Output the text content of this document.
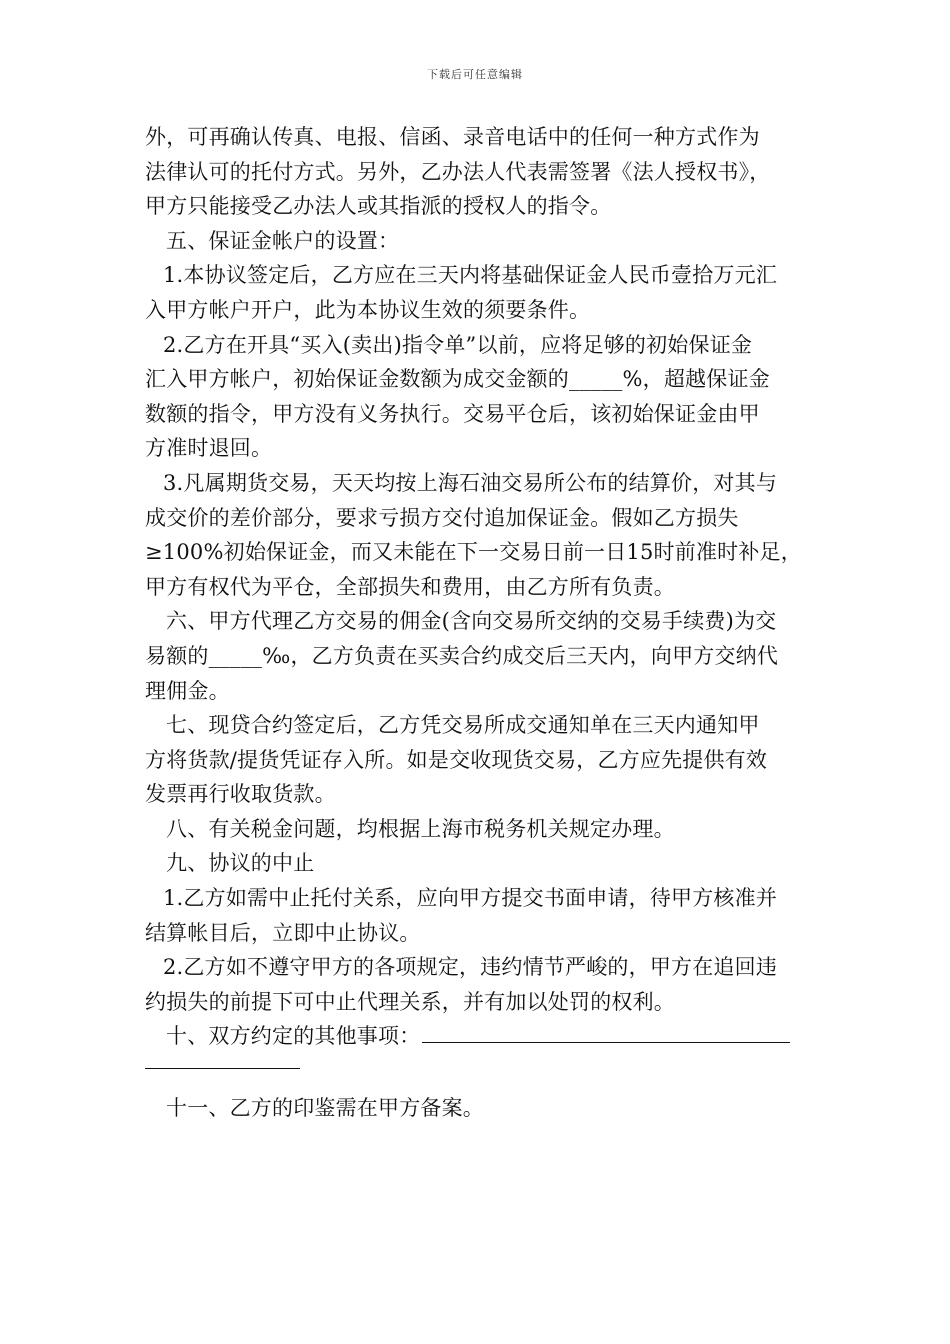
下载后可任意编辑
外，可再确认传真、电报、信函、录音电话中的任何一种方式作为
法律认可的托付方式。另外，乙办法人代表需签署《法人授权书》，
甲方只能接受乙办法人或其指派的授权人的指令。
五、保证金帐户的设置：
1.本协议签定后，乙方应在三天内将基础保证金人民币壹拾万元汇
入甲方帐户开户，此为本协议生效的须要条件。
2.乙方在开具“买入(卖出)指令单”以前，应将足够的初始保证金
汇入甲方帐户，初始保证金数额为成交金额的_____%，超越保证金
数额的指令，甲方没有义务执行。交易平仓后，该初始保证金由甲
方准时退回。
3.凡属期货交易，天天均按上海石油交易所公布的结算价，对其与
成交价的差价部分，要求亏损方交付追加保证金。假如乙方损失
≥100%初始保证金，而又未能在下一交易日前一日15时前准时补足，
甲方有权代为平仓，全部损失和费用，由乙方所有负责。
六、甲方代理乙方交易的佣金(含向交易所交纳的交易手续费)为交
易额的_____‰，乙方负责在买卖合约成交后三天内，向甲方交纳代
理佣金。
七、现贷合约签定后，乙方凭交易所成交通知单在三天内通知甲
方将货款/提货凭证存入所。如是交收现货交易，乙方应先提供有效
发票再行收取货款。
八、有关税金问题，均根据上海市税务机关规定办理。
九、协议的中止
1.乙方如需中止托付关系，应向甲方提交书面申请，待甲方核准并
结算帐目后，立即中止协议。
2.乙方如不遵守甲方的各项规定，违约情节严峻的，甲方在追回违
约损失的前提下可中止代理关系，并有加以处罚的权利。
十、双方约定的其他事项：
十一、乙方的印鉴需在甲方备案。
